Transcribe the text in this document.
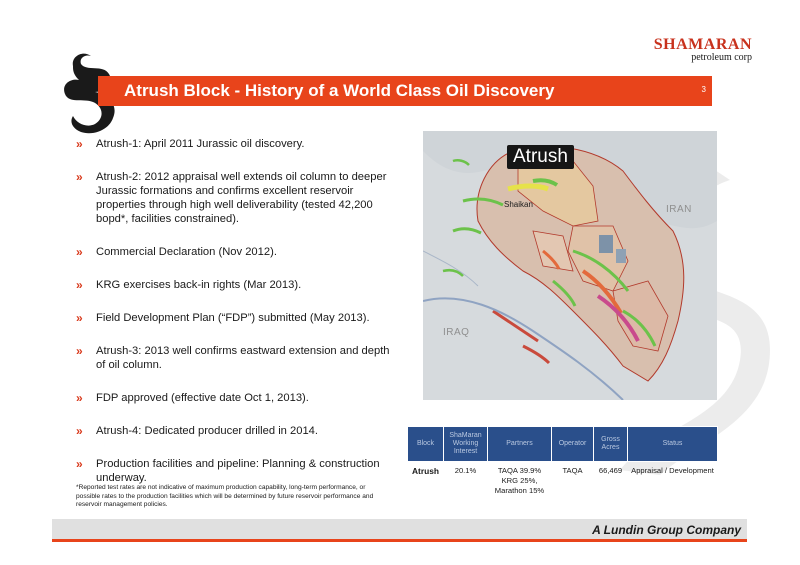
SHAMARAN
petroleum corp
Atrush Block - History of a World Class Oil Discovery	3
» Atrush-1: April 2011 Jurassic oil discovery.
» Atrush-2: 2012 appraisal well extends oil column to deeper Jurassic formations and confirms excellent reservoir properties through high well deliverability (tested 42,200 bopd*, facilities constrained).
» Commercial Declaration (Nov 2012).
» KRG exercises back-in rights (Mar 2013).
» Field Development Plan (“FDP”) submitted (May 2013).
» Atrush-3: 2013 well confirms eastward extension and depth of oil column.
» FDP approved (effective date Oct 1, 2013).
» Atrush-4: Dedicated producer drilled in 2014.
» Production facilities and pipeline: Planning & construction underway.
*Reported test rates are not indicative of maximum production capability, long-term performance, or possible rates to the production facilities which will be determined by future reservoir performance and reservoir management policies.
Atrush
Shaikan	IRAN
IRAQ
Block	ShaMaran Working Interest	Partners	Operator	Gross Acres	Status
Atrush	20.1%	TAQA 39.9%
KRG 25%,
Marathon 15%	TAQA	66,469	Appraisal / Development
A Lundin Group Company
